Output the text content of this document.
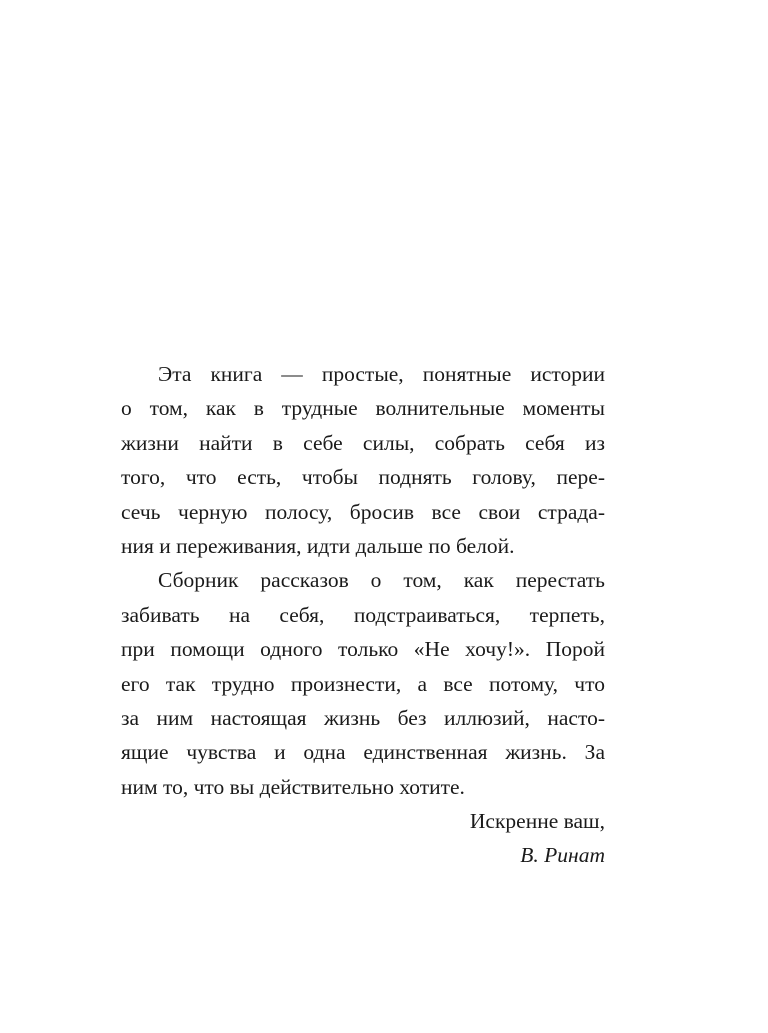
Эта книга — простые, понятные истории
о том, как в трудные волнительные моменты
жизни найти в себе силы, собрать себя из
того, что есть, чтобы поднять голову, пере-
сечь черную полосу, бросив все свои страда-
ния и переживания, идти дальше по белой.
Сборник рассказов о том, как перестать
забивать на себя, подстраиваться, терпеть,
при помощи одного только «Не хочу!». Порой
его так трудно произнести, а все потому, что
за ним настоящая жизнь без иллюзий, насто-
ящие чувства и одна единственная жизнь. За
ним то, что вы действительно хотите.
Искренне ваш,
В. Ринат
